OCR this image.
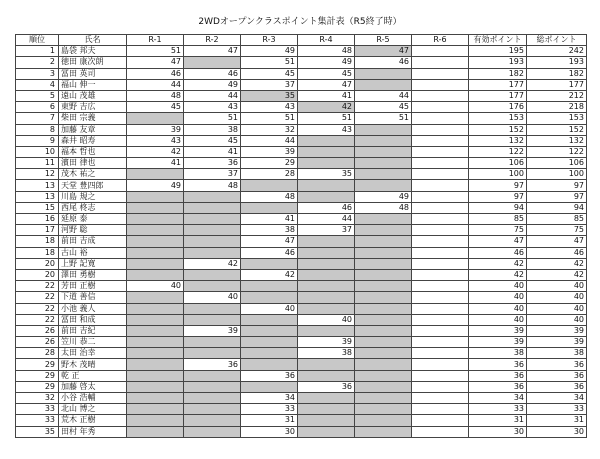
2WDオープンクラスポイント集計表（R5終了時）
順位	氏名	R-1	R-2	R-3	R-4	R-5	R-6	有効ポイント	総ポイント
1	島袋 邦夫	51	47	49	48	47		195	242
2	徳田 康次朗	47		51	49	46		193	193
3	冨田 英司	46	46	45	45			182	182
4	福山 伸一	44	49	37	47			177	177
5	遠山 茂雄	48	44	35	41	44		177	212
6	東野 吉広	45	43	43	42	45		176	218
7	柴田 宗義		51	51	51	51		153	153
8	加藤 友章	39	38	32	43			152	152
9	森井 昭寿	43	45	44				132	132
10	福本 哲也	42	41	39				122	122
11	濱田 律也	41	36	29				106	106
12	茂木 祐之		37	28	35			100	100
13	天堂 豊四郎	49	48					97	97
13	川島 規之			48		49		97	97
15	西尾 柊志				46	48		94	94
16	延原 泰			41	44			85	85
17	河野 聡			38	37			75	75
18	前田 吉成			47				47	47
18	古山 裕			46				46	46
20	上野 記寛		42					42	42
20	澤田 勇樹			42				42	42
22	芳田 正樹	40						40	40
22	下道 善信		40					40	40
22	小池 義人			40				40	40
22	冨田 和成				40			40	40
26	前田 吉紀		39					39	39
26	笠川 恭二				39			39	39
28	太田 治幸				38			38	38
29	野木 茂晴		36					36	36
29	乾 正			36				36	36
29	加藤 啓太				36			36	36
32	小谷 浩輔			34				34	34
33	北山 博之			33				33	33
33	荒木 正樹			31				31	31
35	田村 年秀			30				30	30
